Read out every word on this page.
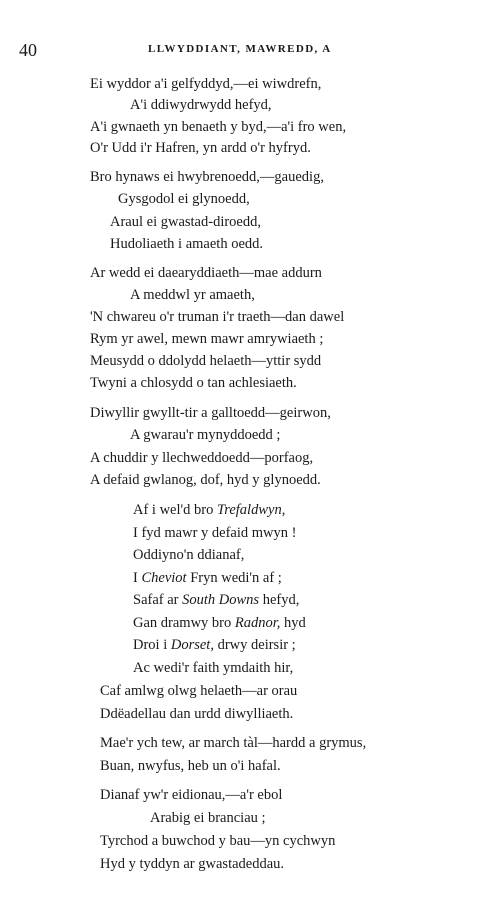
40	LLWYDDIANT, MAWREDD, A
Ei wyddor a'i gelfyddyd,—ei wiwdrefn,
A'i ddiwydrwydd hefyd,
A'i gwnaeth yn benaeth y byd,—a'i fro wen,
O'r Udd i'r Hafren, yn ardd o'r hyfryd.
Bro hynaws ei hwybrenoedd,—gauedig,
Gysgodol ei glynoedd,
Araul ei gwastad-diroedd,
Hudoliaeth i amaeth oedd.
Ar wedd ei daearyddiaeth—mae addurn
A meddwl yr amaeth,
'N chwareu o'r truman i'r traeth—dan dawel
Rym yr awel, mewn mawr amrywiaeth ;
Meusydd o ddolydd helaeth—yttir sydd
Twyni a chlosydd o tan achlesiaeth.
Diwyllir gwyllt-tir a galltoedd—geirwon,
A gwarau'r mynyddoedd ;
A chuddir y llechweddoedd—porfaog,
A defaid gwlanog, dof, hyd y glynoedd.
Af i wel'd bro Trefaldwyn,
I fyd mawr y defaid mwyn !
Oddiyno'n ddianaf,
I Cheviot Fryn wedi'n af ;
Safaf ar South Downs hefyd,
Gan dramwy bro Radnor, hyd
Droi i Dorset, drwy deirsir ;
Ac wedi'r faith ymdaith hir,
Caf amlwg olwg helaeth—ar orau
Ddëadellau dan urdd diwylliaeth.
Mae'r ych tew, ar march tàl—hardd a grymus,
Buan, nwyfus, heb un o'i hafal.
Dianaf yw'r eidionau,—a'r ebol
Arabig ei branciau ;
Tyrchod a buwchod y bau—yn cychwyn
Hyd y tyddyn ar gwastadeddau.
